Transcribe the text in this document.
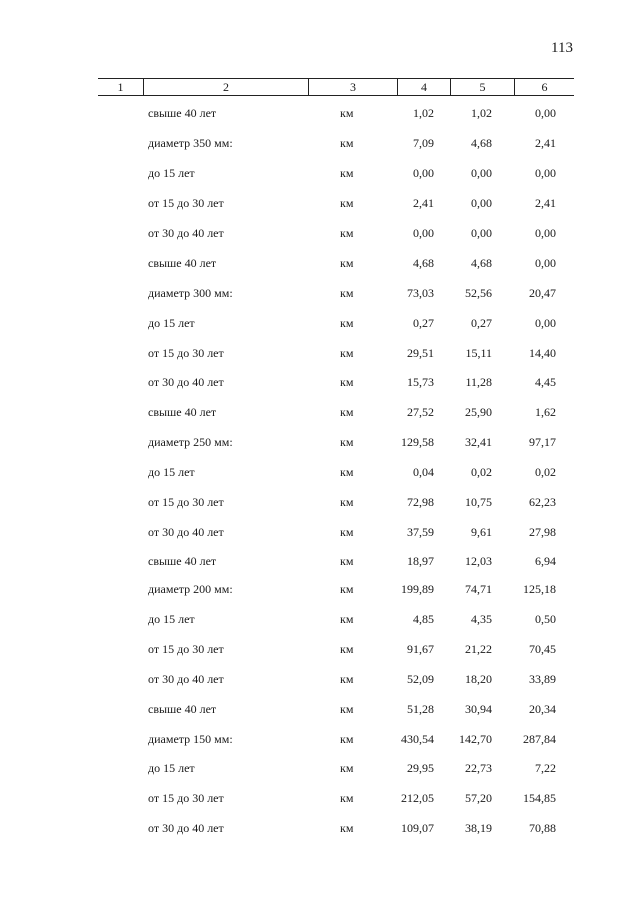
113
1	2	3	4	5	6
свыше 40 лет	км	1,02	1,02	0,00
диаметр 350 мм:	км	7,09	4,68	2,41
до 15 лет	км	0,00	0,00	0,00
от 15 до 30 лет	км	2,41	0,00	2,41
от 30 до 40 лет	км	0,00	0,00	0,00
свыше 40 лет	км	4,68	4,68	0,00
диаметр 300 мм:	км	73,03	52,56	20,47
до 15 лет	км	0,27	0,27	0,00
от 15 до 30 лет	км	29,51	15,11	14,40
от 30 до 40 лет	км	15,73	11,28	4,45
свыше 40 лет	км	27,52	25,90	1,62
диаметр 250 мм:	км	129,58	32,41	97,17
до 15 лет	км	0,04	0,02	0,02
от 15 до 30 лет	км	72,98	10,75	62,23
от 30 до 40 лет	км	37,59	9,61	27,98
свыше 40 лет	км	18,97	12,03	6,94
диаметр 200 мм:	км	199,89	74,71	125,18
до 15 лет	км	4,85	4,35	0,50
от 15 до 30 лет	км	91,67	21,22	70,45
от 30 до 40 лет	км	52,09	18,20	33,89
свыше 40 лет	км	51,28	30,94	20,34
диаметр 150 мм:	км	430,54 142,70	287,84
до 15 лет	км	29,95	22,73	7,22
от 15 до 30 лет	км	212,05	57,20	154,85
от 30 до 40 лет	км	109,07	38,19	70,88
